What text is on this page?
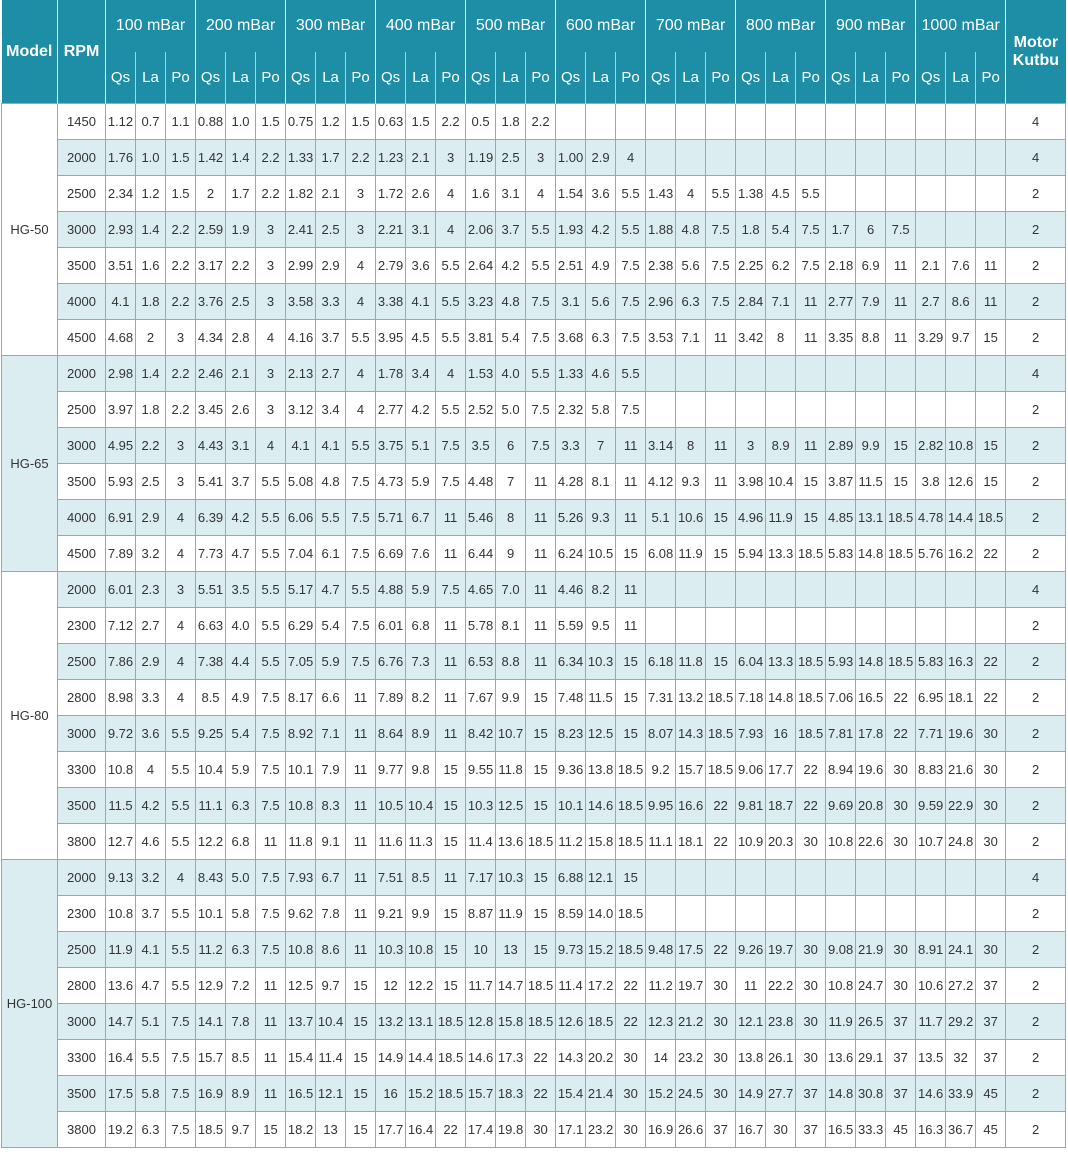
Model	RPM	100 mBar			200 mBar			300 mBar			400 mBar			500 mBar			600 mBar			700 mBar			800 mBar			900 mBar			1000 mBar			Motor Kutbu
		Qs	La	Po	Qs	La	Po	Qs	La	Po	Qs	La	Po	Qs	La	Po	Qs	La	Po	Qs	La	Po	Qs	La	Po	Qs	La	Po	Qs	La	Po	
HG-50	1450	1.12	0.7	1.1	0.88	1.0	1.5	0.75	1.2	1.5	0.63	1.5	2.2	0.5	1.8	2.2																4
	2000	1.76	1.0	1.5	1.42	1.4	2.2	1.33	1.7	2.2	1.23	2.1	3	1.19	2.5	3	1.00	2.9	4													4
	2500	2.34	1.2	1.5	2	1.7	2.2	1.82	2.1	3	1.72	2.6	4	1.6	3.1	4	1.54	3.6	5.5	1.43	4	5.5	1.38	4.5	5.5							2
	3000	2.93	1.4	2.2	2.59	1.9	3	2.41	2.5	3	2.21	3.1	4	2.06	3.7	5.5	1.93	4.2	5.5	1.88	4.8	7.5	1.8	5.4	7.5	1.7	6	7.5				2
	3500	3.51	1.6	2.2	3.17	2.2	3	2.99	2.9	4	2.79	3.6	5.5	2.64	4.2	5.5	2.51	4.9	7.5	2.38	5.6	7.5	2.25	6.2	7.5	2.18	6.9	11	2.1	7.6	11	2
	4000	4.1	1.8	2.2	3.76	2.5	3	3.58	3.3	4	3.38	4.1	5.5	3.23	4.8	7.5	3.1	5.6	7.5	2.96	6.3	7.5	2.84	7.1	11	2.77	7.9	11	2.7	8.6	11	2
	4500	4.68	2	3	4.34	2.8	4	4.16	3.7	5.5	3.95	4.5	5.5	3.81	5.4	7.5	3.68	6.3	7.5	3.53	7.1	11	3.42	8	11	3.35	8.8	11	3.29	9.7	15	2
HG-65	2000	2.98	1.4	2.2	2.46	2.1	3	2.13	2.7	4	1.78	3.4	4	1.53	4.0	5.5	1.33	4.6	5.5													4
	2500	3.97	1.8	2.2	3.45	2.6	3	3.12	3.4	4	2.77	4.2	5.5	2.52	5.0	7.5	2.32	5.8	7.5													2
	3000	4.95	2.2	3	4.43	3.1	4	4.1	4.1	5.5	3.75	5.1	7.5	3.5	6	7.5	3.3	7	11	3.14	8	11	3	8.9	11	2.89	9.9	15	2.82	10.8	15	2
	3500	5.93	2.5	3	5.41	3.7	5.5	5.08	4.8	7.5	4.73	5.9	7.5	4.48	7	11	4.28	8.1	11	4.12	9.3	11	3.98	10.4	15	3.87	11.5	15	3.8	12.6	15	2
	4000	6.91	2.9	4	6.39	4.2	5.5	6.06	5.5	7.5	5.71	6.7	11	5.46	8	11	5.26	9.3	11	5.1	10.6	15	4.96	11.9	15	4.85	13.1	18.5	4.78	14.4	18.5	2
	4500	7.89	3.2	4	7.73	4.7	5.5	7.04	6.1	7.5	6.69	7.6	11	6.44	9	11	6.24	10.5	15	6.08	11.9	15	5.94	13.3	18.5	5.83	14.8	18.5	5.76	16.2	22	2
HG-80	2000	6.01	2.3	3	5.51	3.5	5.5	5.17	4.7	5.5	4.88	5.9	7.5	4.65	7.0	11	4.46	8.2	11													4
	2300	7.12	2.7	4	6.63	4.0	5.5	6.29	5.4	7.5	6.01	6.8	11	5.78	8.1	11	5.59	9.5	11													2
	2500	7.86	2.9	4	7.38	4.4	5.5	7.05	5.9	7.5	6.76	7.3	11	6.53	8.8	11	6.34	10.3	15	6.18	11.8	15	6.04	13.3	18.5	5.93	14.8	18.5	5.83	16.3	22	2
	2800	8.98	3.3	4	8.5	4.9	7.5	8.17	6.6	11	7.89	8.2	11	7.67	9.9	15	7.48	11.5	15	7.31	13.2	18.5	7.18	14.8	18.5	7.06	16.5	22	6.95	18.1	22	2
	3000	9.72	3.6	5.5	9.25	5.4	7.5	8.92	7.1	11	8.64	8.9	11	8.42	10.7	15	8.23	12.5	15	8.07	14.3	18.5	7.93	16	18.5	7.81	17.8	22	7.71	19.6	30	2
	3300	10.8	4	5.5	10.4	5.9	7.5	10.1	7.9	11	9.77	9.8	15	9.55	11.8	15	9.36	13.8	18.5	9.2	15.7	18.5	9.06	17.7	22	8.94	19.6	30	8.83	21.6	30	2
	3500	11.5	4.2	5.5	11.1	6.3	7.5	10.8	8.3	11	10.5	10.4	15	10.3	12.5	15	10.1	14.6	18.5	9.95	16.6	22	9.81	18.7	22	9.69	20.8	30	9.59	22.9	30	2
	3800	12.7	4.6	5.5	12.2	6.8	11	11.8	9.1	11	11.6	11.3	15	11.4	13.6	18.5	11.2	15.8	18.5	11.1	18.1	22	10.9	20.3	30	10.8	22.6	30	10.7	24.8	30	2
HG-100	2000	9.13	3.2	4	8.43	5.0	7.5	7.93	6.7	11	7.51	8.5	11	7.17	10.3	15	6.88	12.1	15													4
	2300	10.8	3.7	5.5	10.1	5.8	7.5	9.62	7.8	11	9.21	9.9	15	8.87	11.9	15	8.59	14.0	18.5													2
	2500	11.9	4.1	5.5	11.2	6.3	7.5	10.8	8.6	11	10.3	10.8	15	10	13	15	9.73	15.2	18.5	9.48	17.5	22	9.26	19.7	30	9.08	21.9	30	8.91	24.1	30	2
	2800	13.6	4.7	5.5	12.9	7.2	11	12.5	9.7	15	12	12.2	15	11.7	14.7	18.5	11.4	17.2	22	11.2	19.7	30	11	22.2	30	10.8	24.7	30	10.6	27.2	37	2
	3000	14.7	5.1	7.5	14.1	7.8	11	13.7	10.4	15	13.2	13.1	18.5	12.8	15.8	18.5	12.6	18.5	22	12.3	21.2	30	12.1	23.8	30	11.9	26.5	37	11.7	29.2	37	2
	3300	16.4	5.5	7.5	15.7	8.5	11	15.4	11.4	15	14.9	14.4	18.5	14.6	17.3	22	14.3	20.2	30	14	23.2	30	13.8	26.1	30	13.6	29.1	37	13.5	32	37	2
	3500	17.5	5.8	7.5	16.9	8.9	11	16.5	12.1	15	16	15.2	18.5	15.7	18.3	22	15.4	21.4	30	15.2	24.5	30	14.9	27.7	37	14.8	30.8	37	14.6	33.9	45	2
	3800	19.2	6.3	7.5	18.5	9.7	15	18.2	13	15	17.7	16.4	22	17.4	19.8	30	17.1	23.2	30	16.9	26.6	37	16.7	30	37	16.5	33.3	45	16.3	36.7	45	2
